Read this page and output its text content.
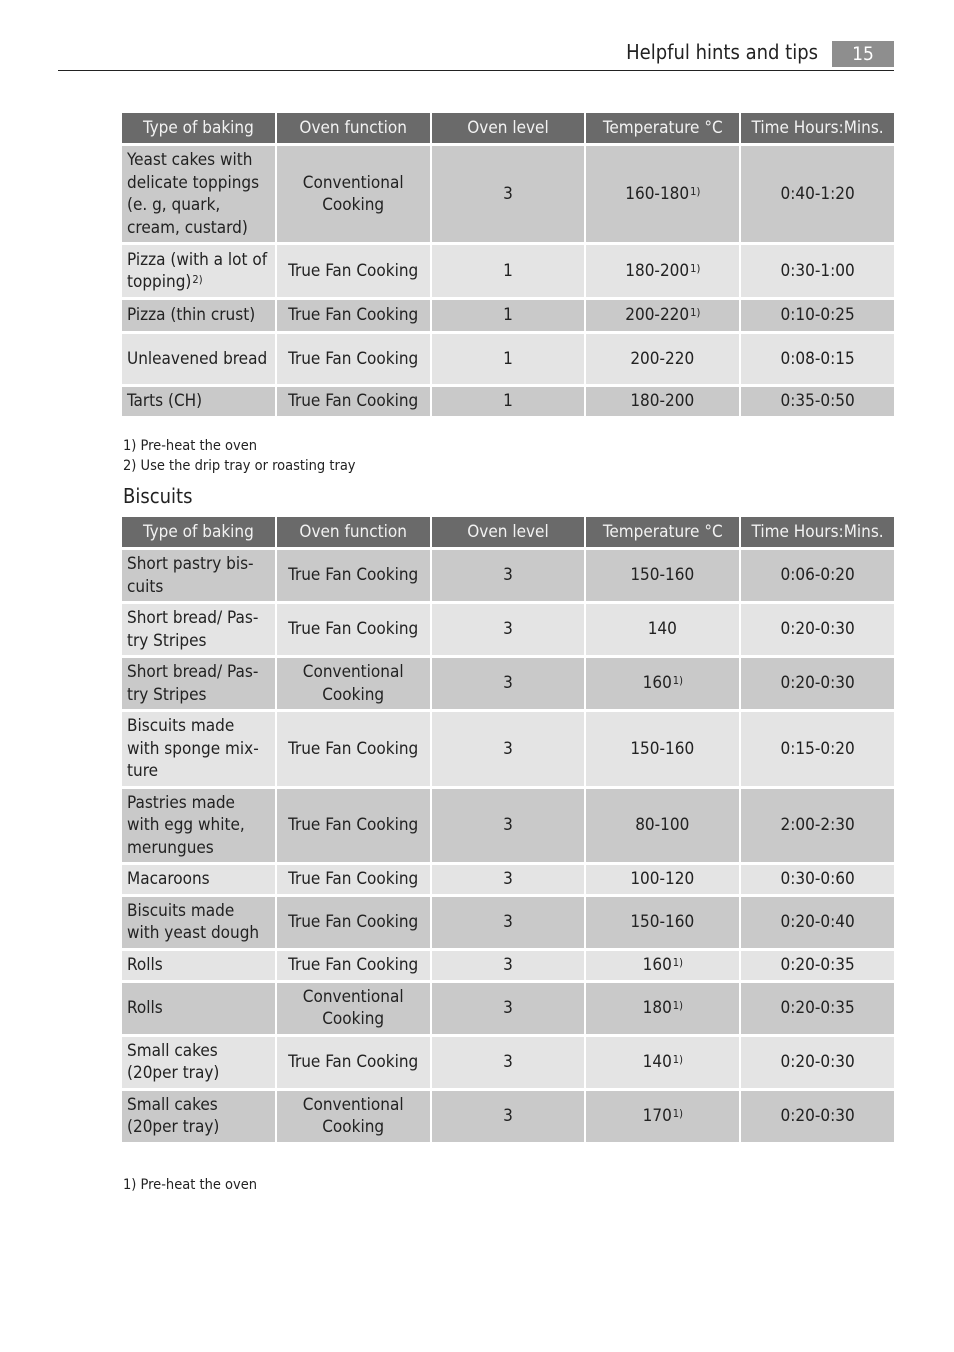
Helpful hints and tips	15
Type of baking	Oven function	Oven level	Temperature °C	Time Hours:Mins.
Yeast cakes with delicate toppings (e. g, quark, cream, custard)	Conventional Cooking	3	160-180$^{1)}$	0:40-1:20
Pizza (with a lot of topping)$^{2)}$	True Fan Cooking	1	180-200$^{1)}$	0:30-1:00
Pizza (thin crust)	True Fan Cooking	1	200-220$^{1)}$	0:10-0:25
Unleavened bread	True Fan Cooking	1	200-220	0:08-0:15
Tarts (CH)	True Fan Cooking	1	180-200	0:35-0:50
1) Pre-heat the oven
2) Use the drip tray or roasting tray
Biscuits
Type of baking	Oven function	Oven level	Temperature °C	Time Hours:Mins.
Short pastry bis-cuits	True Fan Cooking	3	150-160	0:06-0:20
Short bread/ Pas-try Stripes	True Fan Cooking	3	140	0:20-0:30
Short bread/ Pas-try Stripes	Conventional Cooking	3	160$^{1)}$	0:20-0:30
Biscuits made with sponge mix-ture	True Fan Cooking	3	150-160	0:15-0:20
Pastries made with egg white, merungues	True Fan Cooking	3	80-100	2:00-2:30
Macaroons	True Fan Cooking	3	100-120	0:30-0:60
Biscuits made with yeast dough	True Fan Cooking	3	150-160	0:20-0:40
Rolls	True Fan Cooking	3	160$^{1)}$	0:20-0:35
Rolls	Conventional Cooking	3	180$^{1)}$	0:20-0:35
Small cakes (20per tray)	True Fan Cooking	3	140$^{1)}$	0:20-0:30
Small cakes (20per tray)	Conventional Cooking	3	170$^{1)}$	0:20-0:30
1) Pre-heat the oven
